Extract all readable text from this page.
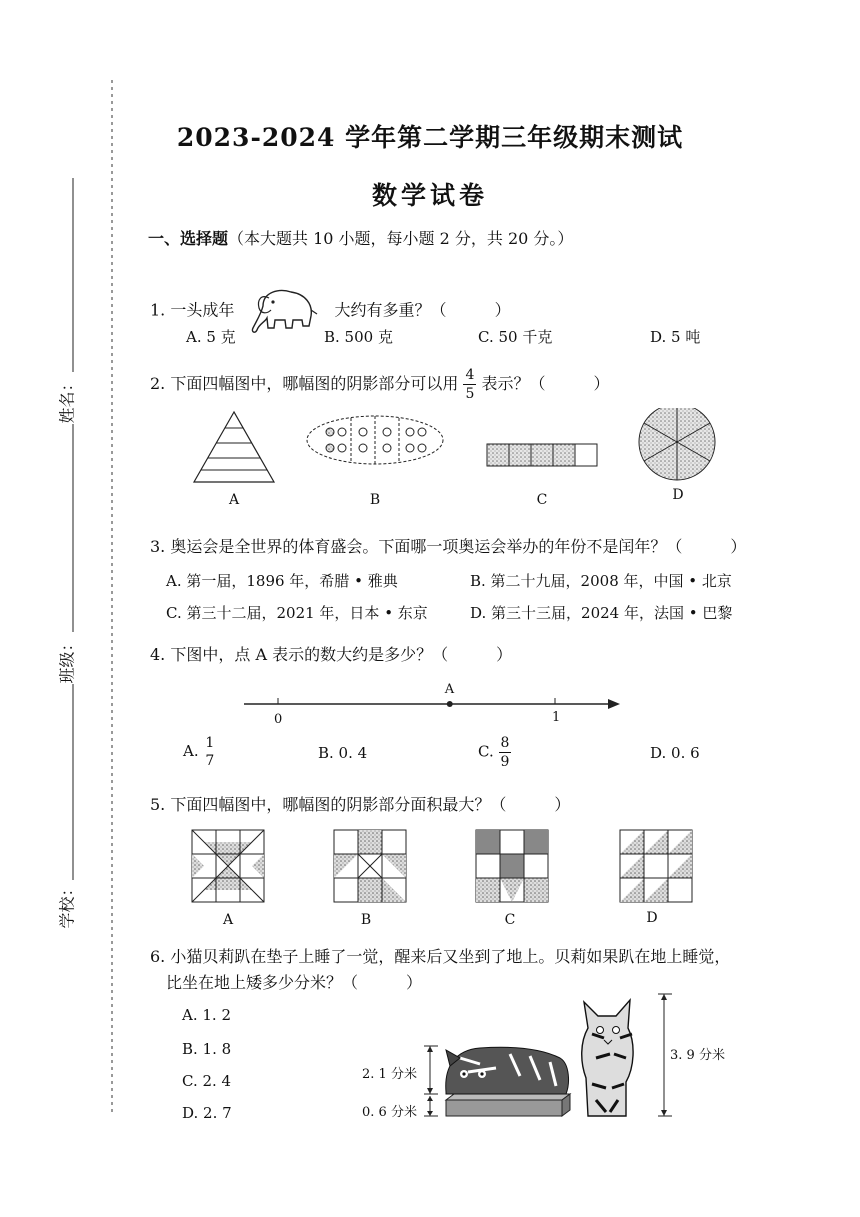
姓名：
班级：
学校：
2023-2024 学年第二学期三年级期末测试
数学试卷
一、选择题（本大题共 10 小题，每小题 2 分，共 20 分。）
1. 一头成年	大约有多重？（	）
A. 5 克	B. 500 克	C. 50 千克	D. 5 吨
2. 下面四幅图中，哪幅图的阴影部分可以用 $\frac{4}{5}$ 表示？（	）
A	B	C	D
3. 奥运会是全世界的体育盛会。下面哪一项奥运会举办的年份不是闰年？（	）
A. 第一届，1896 年，希腊 • 雅典	B. 第二十九届，2008 年，中国 • 北京
C. 第三十二届，2021 年，日本 • 东京	D. 第三十三届，2024 年，法国 • 巴黎
4. 下图中，点 A 表示的数大约是多少？（	）
A
0	1
A. 1
7	B. 0. 4	C. $\frac{8}{9}$	D. 0. 6
5. 下面四幅图中，哪幅图的阴影部分面积最大？（	）
A	B	C	D
6. 小猫贝莉趴在垫子上睡了一觉，醒来后又坐到了地上。贝莉如果趴在地上睡觉，
比坐在地上矮多少分米？（	）
A. 1. 2
B. 1. 8
C. 2. 4
D. 2. 7
2. 1 分米
0. 6 分米
3. 9 分米
